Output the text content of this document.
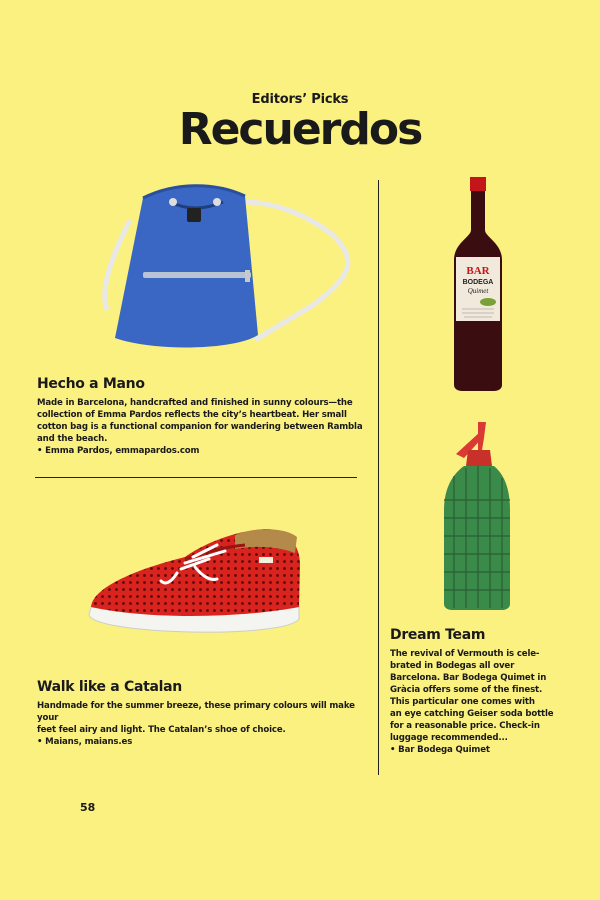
Editors’ Picks
Recuerdos
BAR
BODEGA
Quimet
Hecho a Mano

Made in Barcelona, handcrafted and finished in sunny colours—the

collection of Emma Pardos reflects the city’s heartbeat. Her small

cotton bag is a functional companion for wandering between Rambla

and the beach.

• Emma Pardos, emmapardos.com

Walk like a Catalan

Handmade for the summer breeze, these primary colours will make your

feet feel airy and light. The Catalan’s shoe of choice.

• Maians, maians.es

Dream Team

The revival of Vermouth is cele-

brated in Bodegas all over

Barcelona. Bar Bodega Quimet in

Gràcia offers some of the finest.

This particular one comes with

an eye catching Geiser soda bottle

for a reasonable price. Check-in

luggage recommended...

• Bar Bodega Quimet

58
